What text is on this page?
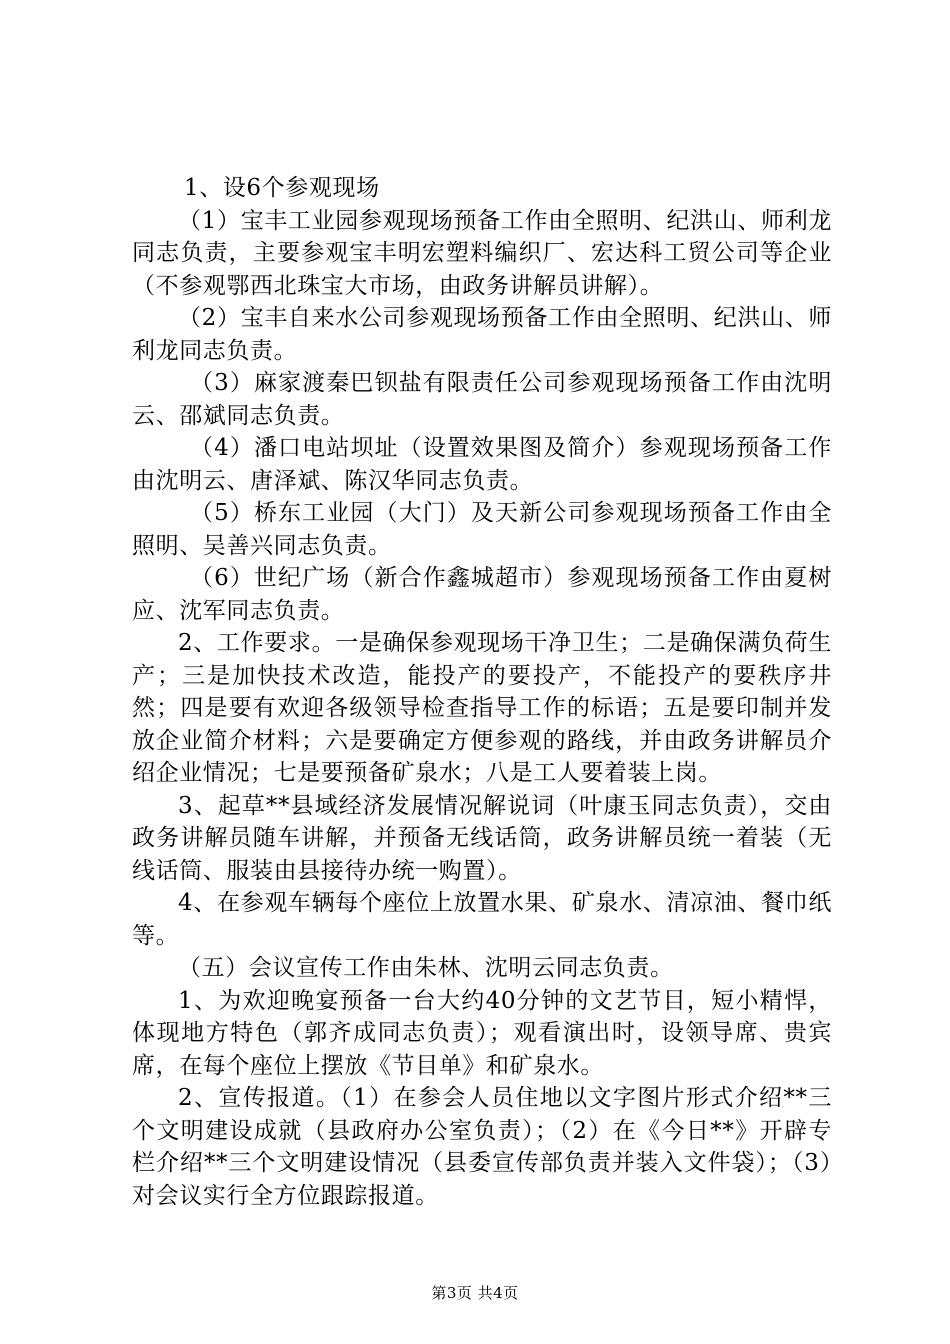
1、设6个参观现场

（1）宝丰工业园参观现场预备工作由全照明、纪洪山、师利龙同志负责，主要参观宝丰明宏塑料编织厂、宏达科工贸公司等企业（不参观鄂西北珠宝大市场，由政务讲解员讲解）。

（2）宝丰自来水公司参观现场预备工作由全照明、纪洪山、师利龙同志负责。

（3）麻家渡秦巴钡盐有限责任公司参观现场预备工作由沈明云、邵斌同志负责。

（4）潘口电站坝址（设置效果图及简介）参观现场预备工作由沈明云、唐泽斌、陈汉华同志负责。

（5）桥东工业园（大门）及天新公司参观现场预备工作由全照明、吴善兴同志负责。

（6）世纪广场（新合作鑫城超市）参观现场预备工作由夏树应、沈军同志负责。

2、工作要求。一是确保参观现场干净卫生；二是确保满负荷生产；三是加快技术改造，能投产的要投产，不能投产的要秩序井然；四是要有欢迎各级领导检查指导工作的标语；五是要印制并发放企业简介材料；六是要确定方便参观的路线，并由政务讲解员介绍企业情况；七是要预备矿泉水；八是工人要着装上岗。

3、起草**县域经济发展情况解说词（叶康玉同志负责），交由政务讲解员随车讲解，并预备无线话筒，政务讲解员统一着装（无线话筒、服装由县接待办统一购置）。

4、在参观车辆每个座位上放置水果、矿泉水、清凉油、餐巾纸等。

（五）会议宣传工作由朱林、沈明云同志负责。

1、为欢迎晚宴预备一台大约40分钟的文艺节目，短小精悍，体现地方特色（郭齐成同志负责）；观看演出时，设领导席、贵宾席，在每个座位上摆放《节目单》和矿泉水。

2、宣传报道。（1）在参会人员住地以文字图片形式介绍**三个文明建设成就（县政府办公室负责）；（2）在《今日**》开辟专栏介绍**三个文明建设情况（县委宣传部负责并装入文件袋）；（3）对会议实行全方位跟踪报道。

第3页 共4页
